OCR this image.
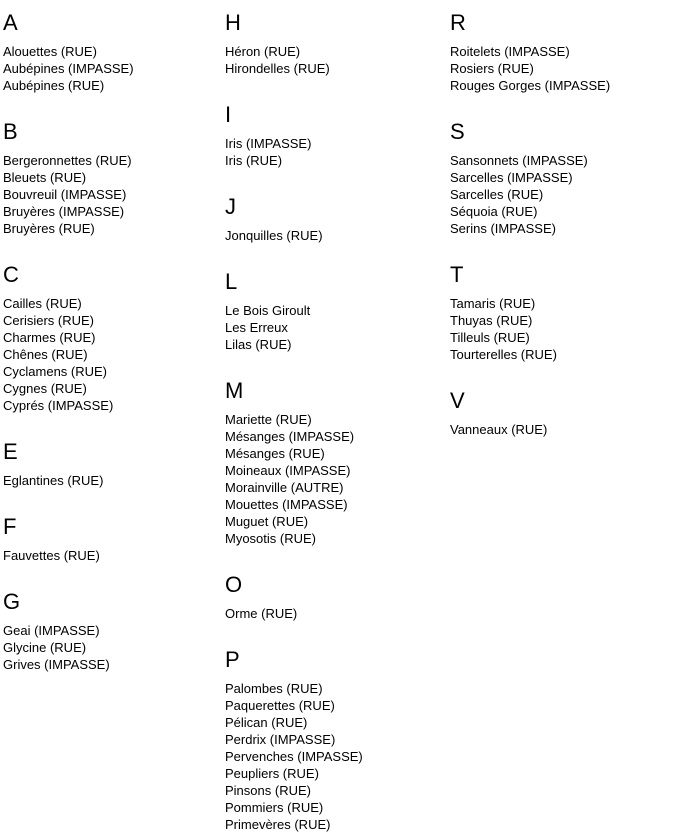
A
Alouettes (RUE)
Aubépines (IMPASSE)
Aubépines (RUE)
B
Bergeronnettes (RUE)
Bleuets (RUE)
Bouvreuil (IMPASSE)
Bruyères (IMPASSE)
Bruyères (RUE)
C
Cailles (RUE)
Cerisiers (RUE)
Charmes (RUE)
Chênes (RUE)
Cyclamens (RUE)
Cygnes (RUE)
Cyprés (IMPASSE)
E
Eglantines (RUE)
F
Fauvettes (RUE)
G
Geai (IMPASSE)
Glycine (RUE)
Grives (IMPASSE)
H
Héron (RUE)
Hirondelles (RUE)
I
Iris (IMPASSE)
Iris (RUE)
J
Jonquilles (RUE)
L
Le Bois Giroult
Les Erreux
Lilas (RUE)
M
Mariette (RUE)
Mésanges (IMPASSE)
Mésanges (RUE)
Moineaux (IMPASSE)
Morainville (AUTRE)
Mouettes (IMPASSE)
Muguet (RUE)
Myosotis (RUE)
O
Orme (RUE)
P
Palombes (RUE)
Paquerettes (RUE)
Pélican (RUE)
Perdrix (IMPASSE)
Pervenches (IMPASSE)
Peupliers (RUE)
Pinsons (RUE)
Pommiers (RUE)
Primevères (RUE)
R
Roitelets (IMPASSE)
Rosiers (RUE)
Rouges Gorges (IMPASSE)
S
Sansonnets (IMPASSE)
Sarcelles (IMPASSE)
Sarcelles (RUE)
Séquoia (RUE)
Serins (IMPASSE)
T
Tamaris (RUE)
Thuyas (RUE)
Tilleuls (RUE)
Tourterelles (RUE)
V
Vanneaux (RUE)
